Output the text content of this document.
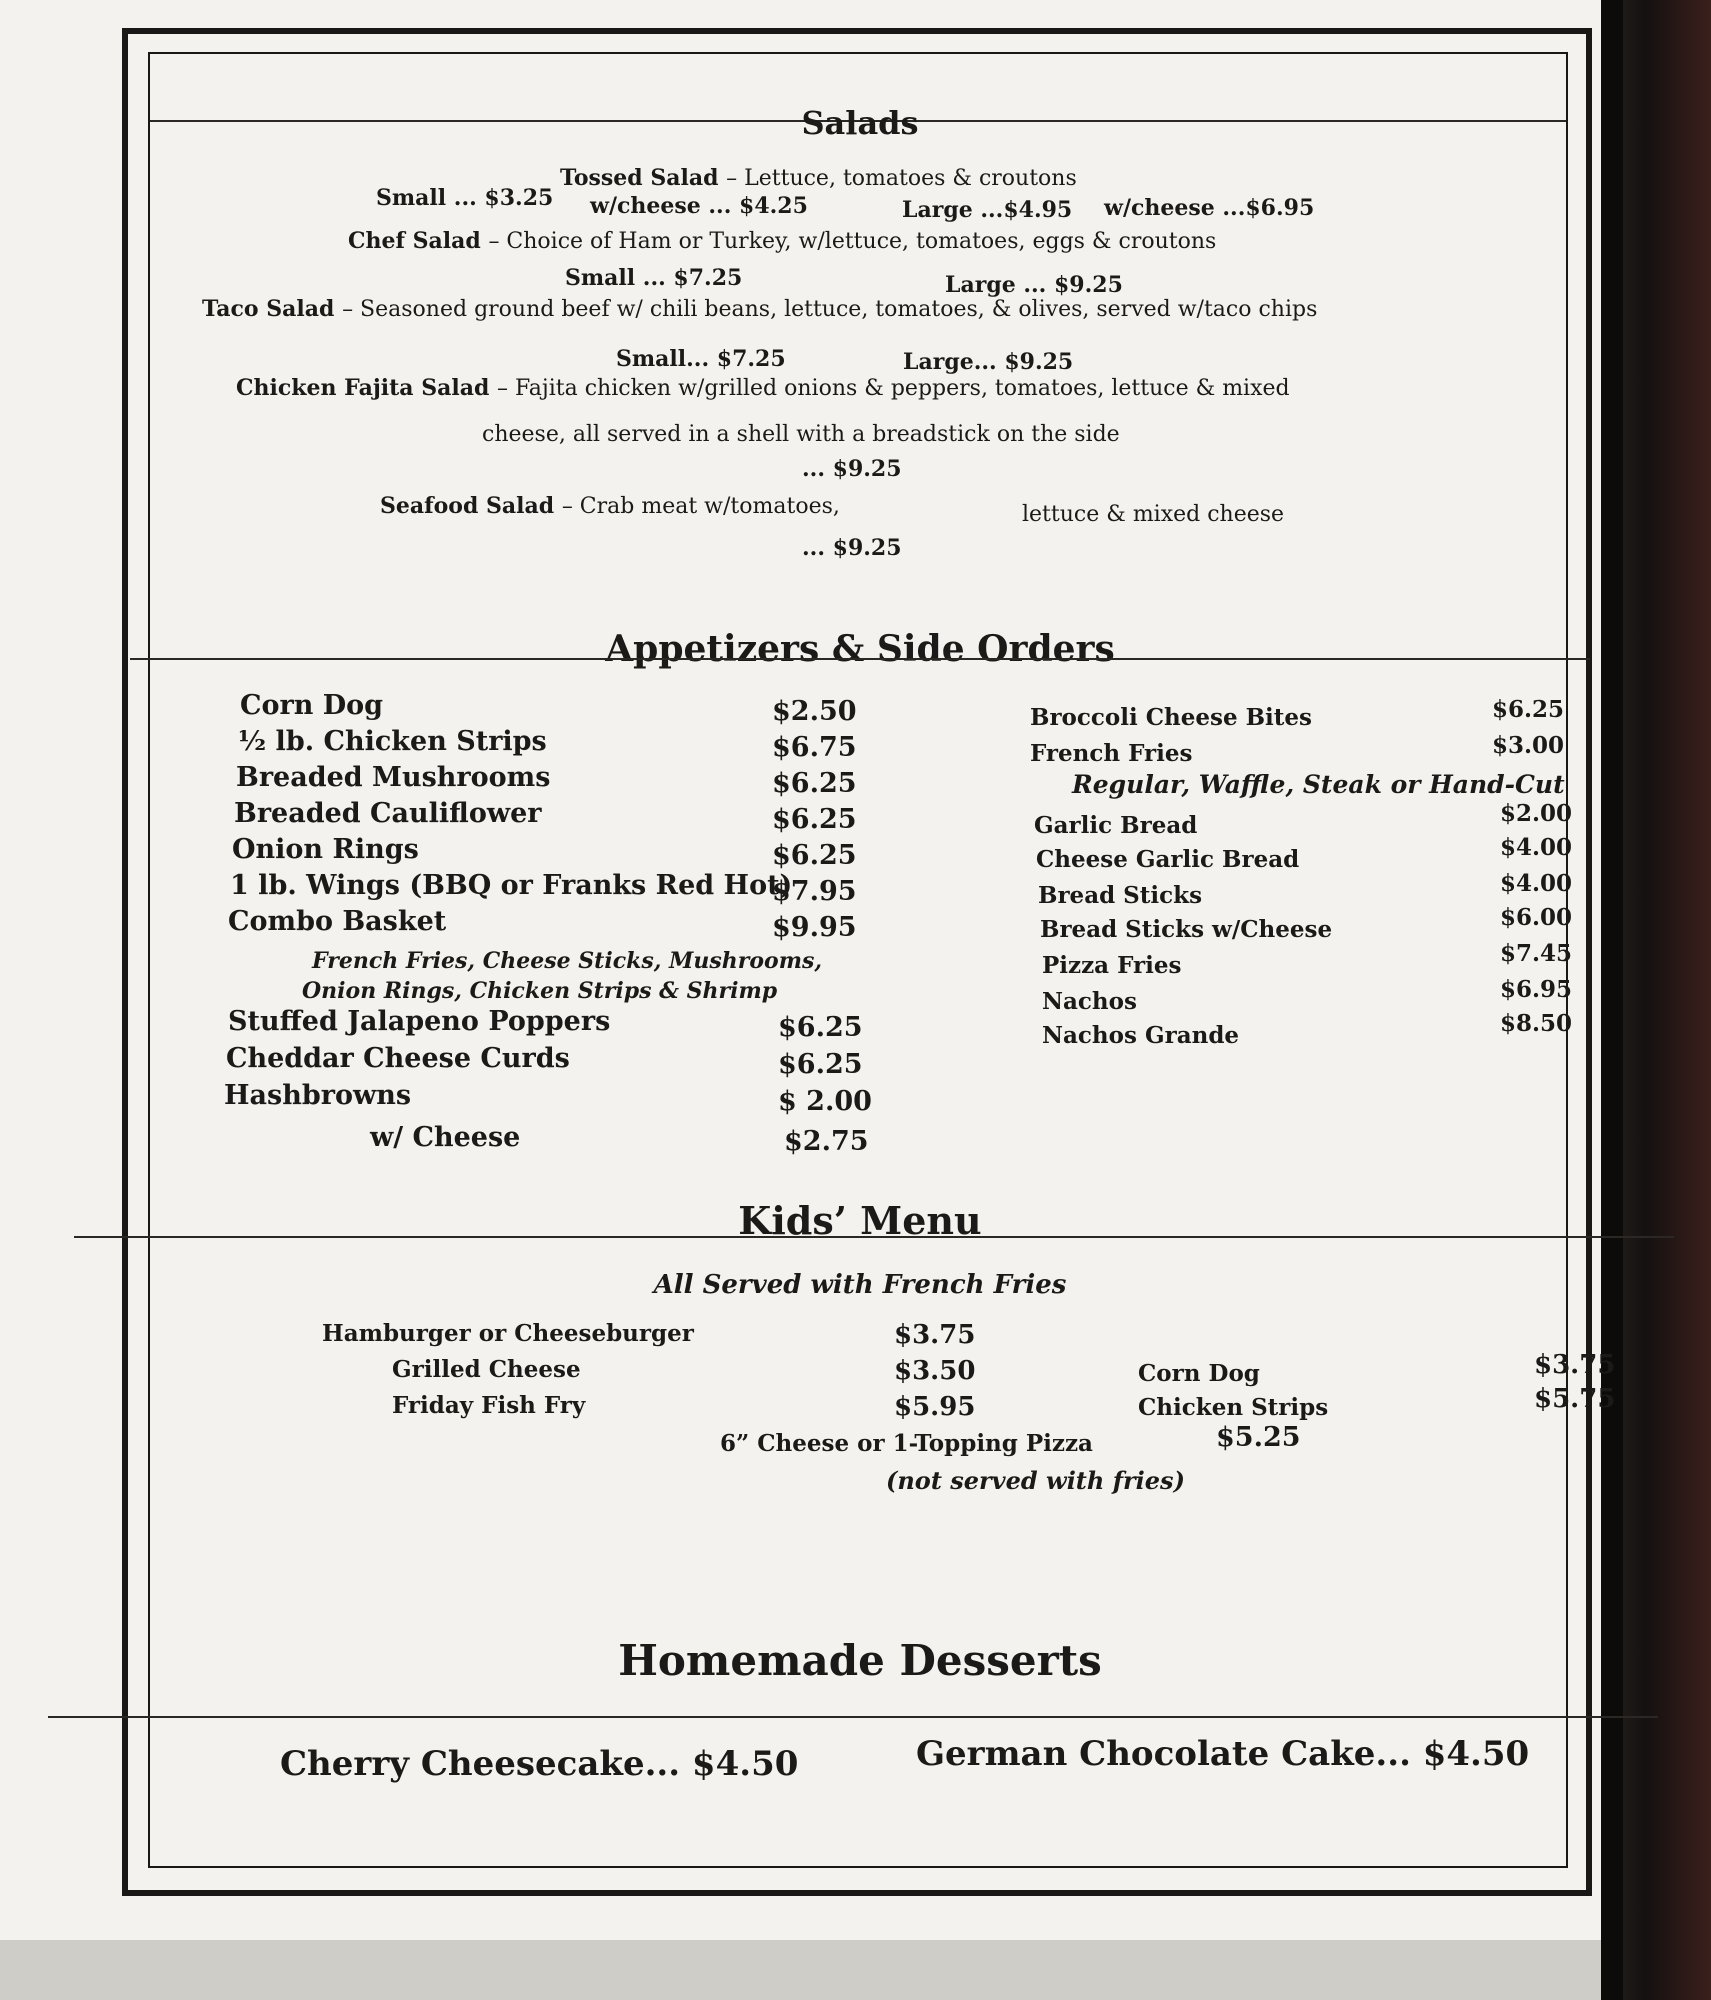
Salads
Tossed Salad – Lettuce, tomatoes & croutons
Small ... $3.25 w/cheese ... $4.25	Large ...$4.95 w/cheese ...$6.95
Chef Salad – Choice of Ham or Turkey, w/lettuce, tomatoes, eggs & croutons
Small ... $7.25	Large ... $9.25
Taco Salad – Seasoned ground beef w/ chili beans, lettuce, tomatoes, & olives, served w/taco chips
Small... $7.25	Large... $9.25
Chicken Fajita Salad – Fajita chicken w/grilled onions & peppers, tomatoes, lettuce & mixed
cheese, all served in a shell with a breadstick on the side
... $9.25
Seafood Salad – Crab meat w/tomatoes,	lettuce & mixed cheese
... $9.25
Appetizers & Side Orders
Corn Dog	$2.50
½ lb. Chicken Strips	$6.75
Breaded Mushrooms	$6.25
Breaded Cauliflower	$6.25
Onion Rings	$6.25
1 lb. Wings (BBQ or Franks Red Hot)
$7.95
Combo Basket	$9.95
French Fries, Cheese Sticks, Mushrooms,
Onion Rings, Chicken Strips & Shrimp
Stuffed Jalapeno Poppers	$6.25
Cheddar Cheese Curds	$6.25
Hashbrowns	$ 2.00
w/ Cheese	$2.75
Broccoli Cheese Bites	$6.25
French Fries	$3.00
Regular, Waffle, Steak or Hand-Cut
Garlic Bread	$2.00
Cheese Garlic Bread	$4.00
Bread Sticks	$4.00
Bread Sticks w/Cheese	$6.00
Pizza Fries	$7.45
Nachos	$6.95
Nachos Grande	$8.50
Kids’ Menu
All Served with French Fries
Hamburger or Cheeseburger	$3.75
Grilled Cheese	$3.50
Friday Fish Fry	$5.95
Corn Dog	$3.75
Chicken Strips	$5.75
6” Cheese or 1-Topping Pizza	$5.25
(not served with fries)
Homemade Desserts
Cherry Cheesecake... $4.50	German Chocolate Cake... $4.50
